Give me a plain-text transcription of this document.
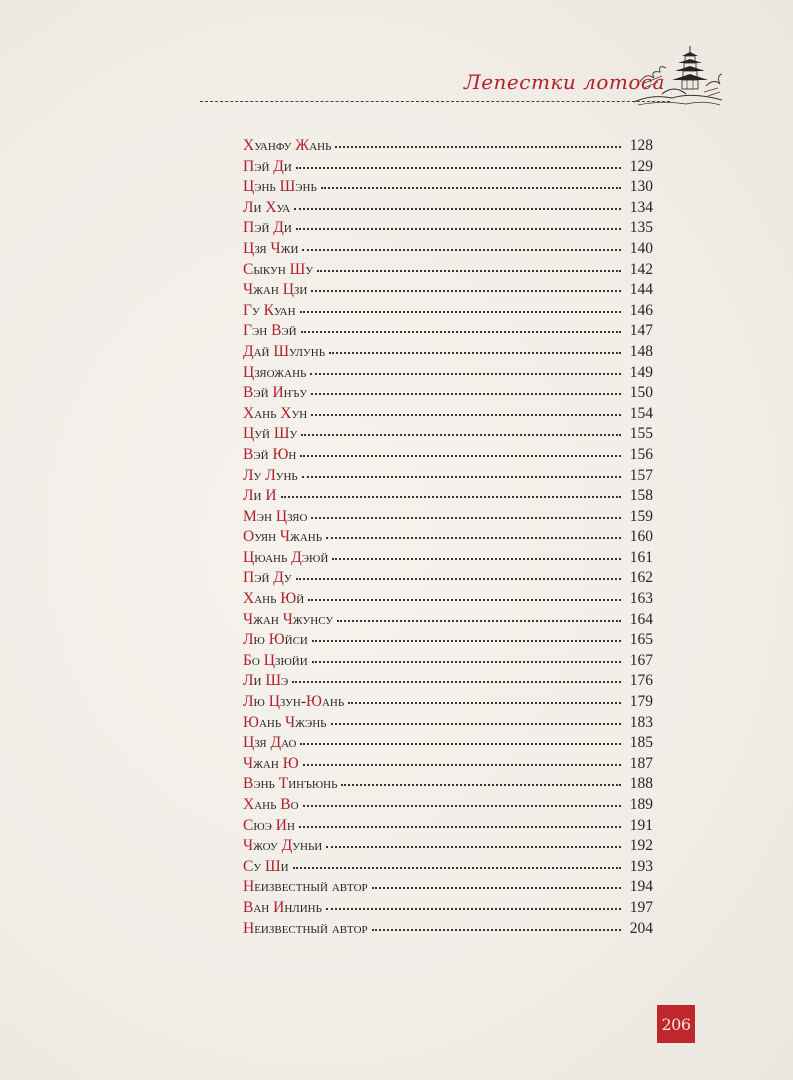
Лепестки лотоса
Хуанфу Жань	128
Пэй Ди	129
Цэнь Шэнь	130
Ли Хуа	134
Пэй Ди	135
Цзя Чжи	140
Сыкун Шу	142
Чжан Цзи	144
Гу Куан	146
Гэн Вэй	147
Дай Шулунь	148
Цзяожань	149
Вэй Инъу	150
Хань Хун	154
Цуй Шу	155
Вэй Юн	156
Лу Лунь	157
Ли И	158
Мэн Цзяо	159
Оуян Чжань	160
Цюань Дэюй	161
Пэй Ду	162
Хань Юй	163
Чжан Чжунсу	164
Лю Юйси	165
Бо Цзюйи	167
Ли Шэ	176
Лю Цзун-Юань	179
Юань Чжэнь	183
Цзя Дао	185
Чжан Ю	187
Вэнь Тинъюнь	188
Хань Во	189
Сюэ Ин	191
Чжоу Дуньи	192
Су Ши	193
Неизвестный автор	194
Ван Инлинь	197
Неизвестный автор	204
206
